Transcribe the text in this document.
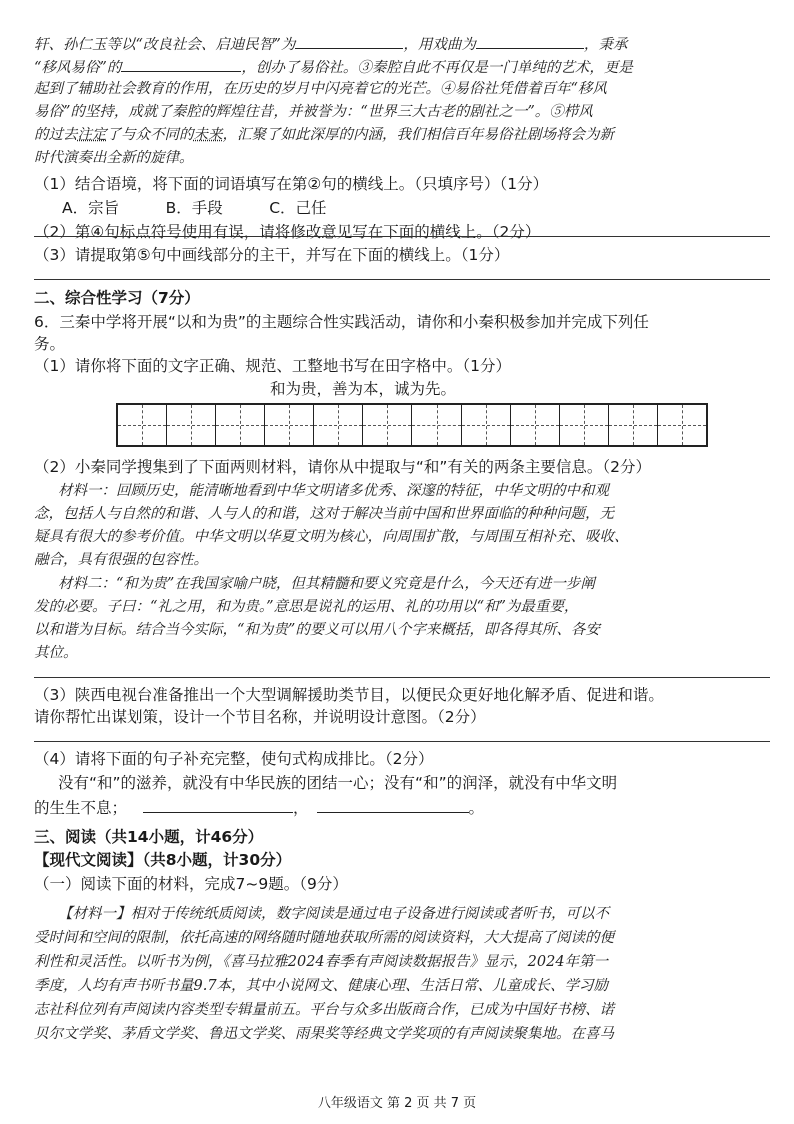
轩、孙仁玉等以“改良社会、启迪民智”为	，用戏曲为	，秉承
“移风易俗”的	，创办了易俗社。③秦腔自此不再仅是一门单纯的艺术，更是
起到了辅助社会教育的作用，在历史的岁月中闪亮着它的光芒。④易俗社凭借着百年“移风
易俗”的坚持，成就了秦腔的辉煌往昔，并被誉为：“世界三大古老的剧社之一”。⑤栉风
的过去注定了与众不同的未来，汇聚了如此深厚的内涵，我们相信百年易俗社剧场将会为新
时代演奏出全新的旋律。
（1）结合语境，将下面的词语填写在第②句的横线上。（只填序号）（1分）
A．宗旨　　　B．手段　　　C．己任
（2）第④句标点符号使用有误，请将修改意见写在下面的横线上。（2分）
（3）请提取第⑤句中画线部分的主干，并写在下面的横线上。（1分）
二、综合性学习（7分）
6．三秦中学将开展“以和为贵”的主题综合性实践活动，请你和小秦积极参加并完成下列任
务。
（1）请你将下面的文字正确、规范、工整地书写在田字格中。（1分）
和为贵，善为本，诚为先。
（2）小秦同学搜集到了下面两则材料，请你从中提取与“和”有关的两条主要信息。（2分）
材料一：回顾历史，能清晰地看到中华文明诸多优秀、深邃的特征，中华文明的中和观
念，包括人与自然的和谐、人与人的和谐，这对于解决当前中国和世界面临的种种问题，无
疑具有很大的参考价值。中华文明以华夏文明为核心，向周围扩散，与周围互相补充、吸收、
融合，具有很强的包容性。
材料二：“和为贵”在我国家喻户晓，但其精髓和要义究竟是什么，今天还有进一步阐
发的必要。子曰：“礼之用，和为贵。”意思是说礼的运用、礼的功用以“和”为最重要，
以和谐为目标。结合当今实际，“和为贵”的要义可以用八个字来概括，即各得其所、各安
其位。
（3）陕西电视台准备推出一个大型调解援助类节目，以便民众更好地化解矛盾、促进和谐。
请你帮忙出谋划策，设计一个节目名称，并说明设计意图。（2分）
（4）请将下面的句子补充完整，使句式构成排比。（2分）
没有“和”的滋养，就没有中华民族的团结一心；没有“和”的润泽，就没有中华文明
的生生不息；	，	。
三、阅读（共14小题，计46分）
【现代文阅读】（共8小题，计30分）
（一）阅读下面的材料，完成7~9题。（9分）
【材料一】相对于传统纸质阅读，数字阅读是通过电子设备进行阅读或者听书，可以不
受时间和空间的限制，依托高速的网络随时随地获取所需的阅读资料，大大提高了阅读的便
利性和灵活性。以听书为例，《喜马拉雅2024春季有声阅读数据报告》显示，2024年第一
季度，人均有声书听书量9.7本，其中小说网文、健康心理、生活日常、儿童成长、学习励
志社科位列有声阅读内容类型专辑量前五。平台与众多出版商合作，已成为中国好书榜、诺
贝尔文学奖、茅盾文学奖、鲁迅文学奖、雨果奖等经典文学奖项的有声阅读聚集地。在喜马
八年级语文 第 2 页 共 7 页
